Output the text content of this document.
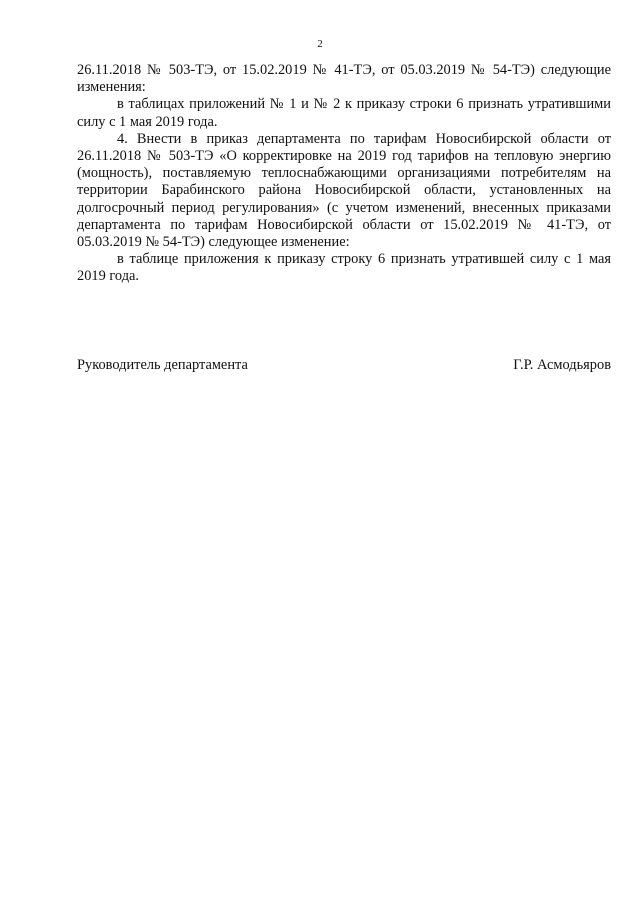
2

26.11.2018 № 503-ТЭ, от 15.02.2019 № 41-ТЭ, от 05.03.2019 № 54-ТЭ) следующие изменения:

в таблицах приложений № 1 и № 2 к приказу строки 6 признать утратившими силу с 1 мая 2019 года.

4. Внести в приказ департамента по тарифам Новосибирской области от 26.11.2018 № 503-ТЭ «О корректировке на 2019 год тарифов на тепловую энергию (мощность), поставляемую теплоснабжающими организациями потребителям на территории Барабинского района Новосибирской области, установленных на долгосрочный период регулирования» (с учетом изменений, внесенных приказами департамента по тарифам Новосибирской области от 15.02.2019 № 41-ТЭ, от 05.03.2019 № 54-ТЭ) следующее изменение:

в таблице приложения к приказу строку 6 признать утратившей силу с 1 мая 2019 года.

Руководитель департамента	Г.Р. Асмодьяров
